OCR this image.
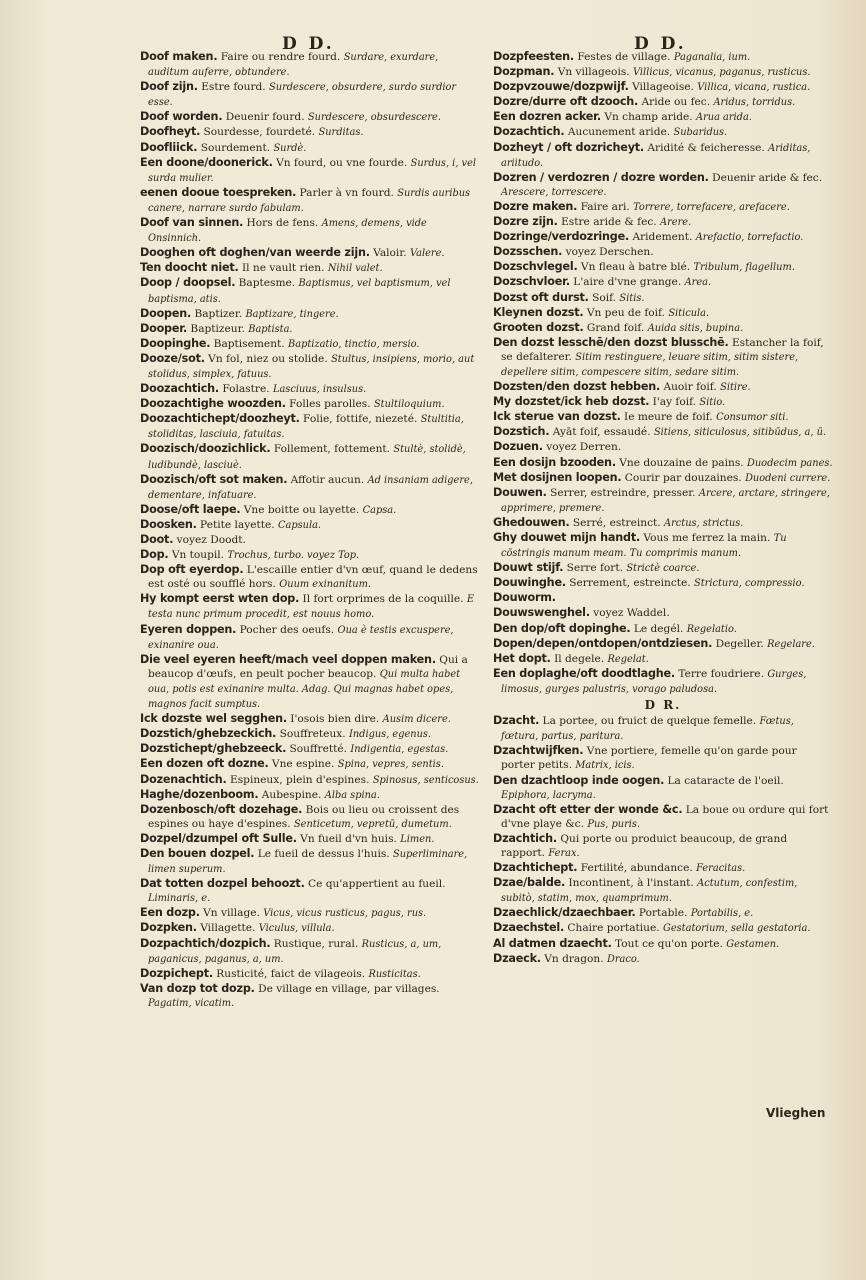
D D.	D D.

Doof maken. Faire ou rendre fourd. Surdare, exurdare, auditum auferre, obtundere.

Doof zijn. Estre fourd. Surdescere, obsurdere, surdo surdior esse.

Doof worden. Deuenir fourd. Surdescere, obsurdescere.

Doofheyt. Sourdesse, fourdeté. Surditas.

Doofliick. Sourdement. Surdè.

Een doone/doonerick. Vn fourd, ou vne fourde. Surdus, i, vel surda mulier.

eenen dooue toespreken. Parler à vn fourd. Surdis auribus canere, narrare surdo fabulam.

Doof van sinnen. Hors de fens. Amens, demens, vide Onsinnich.

Dooghen oft doghen/van weerde zijn. Valoir. Valere.

Ten doocht niet. Il ne vault rien. Nihil valet.

Doop / doopsel. Baptesme. Baptismus, vel baptismum, vel baptisma, atis.

Doopen. Baptizer. Baptizare, tingere.

Dooper. Baptizeur. Baptista.

Doopinghe. Baptisement. Baptizatio, tinctio, mersio.

Dooze/sot. Vn fol, niez ou stolide. Stultus, insipiens, morio, aut stolidus, simplex, fatuus.

Doozachtich. Folastre. Lasciuus, insulsus.

Doozachtighe woozden. Folles parolles. Stultiloquium.

Doozachtichept/doozheyt. Folie, fottife, niezeté. Stultitia, stoliditas, lasciuia, fatuitas.

Doozisch/doozichlick. Follement, fottement. Stultè, stolidè, ludibundè, lasciuè.

Doozisch/oft sot maken. Affotir aucun. Ad insaniam adigere, dementare, infatuare.

Doose/oft laepe. Vne boitte ou layette. Capsa.

Doosken. Petite layette. Capsula.

Doot. voyez Doodt.

Dop. Vn toupil. Trochus, turbo. voyez Top.

Dop oft eyerdop. L'escaille entier d'vn œuf, quand le dedens est osté ou soufflé hors. Ouum exinanitum.

Hy kompt eerst wten dop. Il fort orprimes de la coquille. E testa nunc primum procedit, est nouus homo.

Eyeren doppen. Pocher des oeufs. Oua è testis excuspere, exinanire oua.

Die veel eyeren heeft/mach veel doppen maken. Qui a beaucop d'œufs, en peult pocher beaucop. Qui multa habet oua, potis est exinanire multa. Adag. Qui magnas habet opes, magnos facit sumptus.

Ick dozste wel segghen. I'osois bien dire. Ausim dicere.

Dozstich/ghebzeckich. Souffreteux. Indigus, egenus.

Dozstichept/ghebzeeck. Souffretté. Indigentia, egestas.

Een dozen oft dozne. Vne espine. Spina, vepres, sentis.

Dozenachtich. Espineux, plein d'espines. Spinosus, senticosus.

Haghe/dozenboom. Aubespine. Alba spina.

Dozenbosch/oft dozehage. Bois ou lieu ou croissent des espines ou haye d'espines. Senticetum, vepretū, dumetum.

Dozpel/dzumpel oft Sulle. Vn fueil d'vn huis. Limen.

Den bouen dozpel. Le fueil de dessus l'huis. Superliminare, limen superum.

Dat totten dozpel behoozt. Ce qu'appertient au fueil. Liminaris, e.

Een dozp. Vn village. Vicus, vicus rusticus, pagus, rus.

Dozpken. Villagette. Viculus, villula.

Dozpachtich/dozpich. Rustique, rural. Rusticus, a, um, paganicus, paganus, a, um.

Dozpichept. Rusticité, faict de vilageois. Rusticitas.

Van dozp tot dozp. De village en village, par villages. Pagatim, vicatim.

Dozpfeesten. Festes de village. Paganalia, ium.

Dozpman. Vn villageois. Villicus, vicanus, paganus, rusticus.

Dozpvzouwe/dozpwijf. Villageoise. Villica, vicana, rustica.

Dozre/durre oft dzooch. Aride ou fec. Aridus, torridus.

Een dozren acker. Vn champ aride. Arua arida.

Dozachtich. Aucunement aride. Subaridus.

Dozheyt / oft dozricheyt. Aridité & feicheresse. Ariditas, ariitudo.

Dozren / verdozren / dozre worden. Deuenir aride & fec. Arescere, torrescere.

Dozre maken. Faire ari. Torrere, torrefacere, arefacere.

Dozre zijn. Estre aride & fec. Arere.

Dozringe/verdozringe. Aridement. Arefactio, torrefactio.

Dozsschen. voyez Derschen.

Dozschvlegel. Vn fleau à batre blé. Tribulum, flagellum.

Dozschvloer. L'aire d'vne grange. Area.

Dozst oft durst. Soif. Sitis.

Kleynen dozst. Vn peu de foif. Siticula.

Grooten dozst. Grand foif. Auida sitis, bupina.

Den dozst lesschē/den dozst blusschē. Estancher la foif, se defalterer. Sitim restinguere, leuare sitim, sitim sistere, depellere sitim, compescere sitim, sedare sitim.

Dozsten/den dozst hebben. Auoir foif. Sitire.

My dozstet/ick heb dozst. I'ay foif. Sitio.

Ick sterue van dozst. Ie meure de foif. Consumor siti.

Dozstich. Ayāt foif, essaudé. Sitiens, siticulosus, sitibūdus, a, ū.

Dozuen. voyez Derren.

Een dosijn bzooden. Vne douzaine de pains. Duodecim panes.

Met dosijnen loopen. Courir par douzaines. Duodeni currere.

Douwen. Serrer, estreindre, presser. Arcere, arctare, stringere, apprimere, premere.

Ghedouwen. Serré, estreinct. Arctus, strictus.

Ghy douwet mijn handt. Vous me ferrez la main. Tu cōstringis manum meam. Tu comprimis manum.

Douwt stijf. Serre fort. Strictè coarce.

Douwinghe. Serrement, estreincte. Strictura, compressio.

Douworm.

Douwswenghel. voyez Waddel.

Den dop/oft dopinghe. Le degél. Regelatio.

Dopen/depen/ontdopen/ontdziesen. Degeller. Regelare.

Het dopt. Il degele. Regelat.

Een doplaghe/oft doodtlaghe. Terre foudriere. Gurges, limosus, gurges palustris, vorago paludosa.

D R.

Dzacht. La portee, ou fruict de quelque femelle. Fœtus, fœtura, partus, paritura.

Dzachtwijfken. Vne portiere, femelle qu'on garde pour porter petits. Matrix, icis.

Den dzachtloop inde oogen. La cataracte de l'oeil. Epiphora, lacryma.

Dzacht oft etter der wonde &c. La boue ou ordure qui fort d'vne playe &c. Pus, puris.

Dzachtich. Qui porte ou produict beaucoup, de grand rapport. Ferax.

Dzachtichept. Fertilité, abundance. Feracitas.

Dzae/balde. Incontinent, à l'instant. Actutum, confestim, subitò, statim, mox, quamprimum.

Dzaechlick/dzaechbaer. Portable. Portabilis, e.

Dzaechstel. Chaire portatiue. Gestatorium, sella gestatoria.

Al datmen dzaecht. Tout ce qu'on porte. Gestamen.

Dzaeck. Vn dragon. Draco.

Vlieghen
